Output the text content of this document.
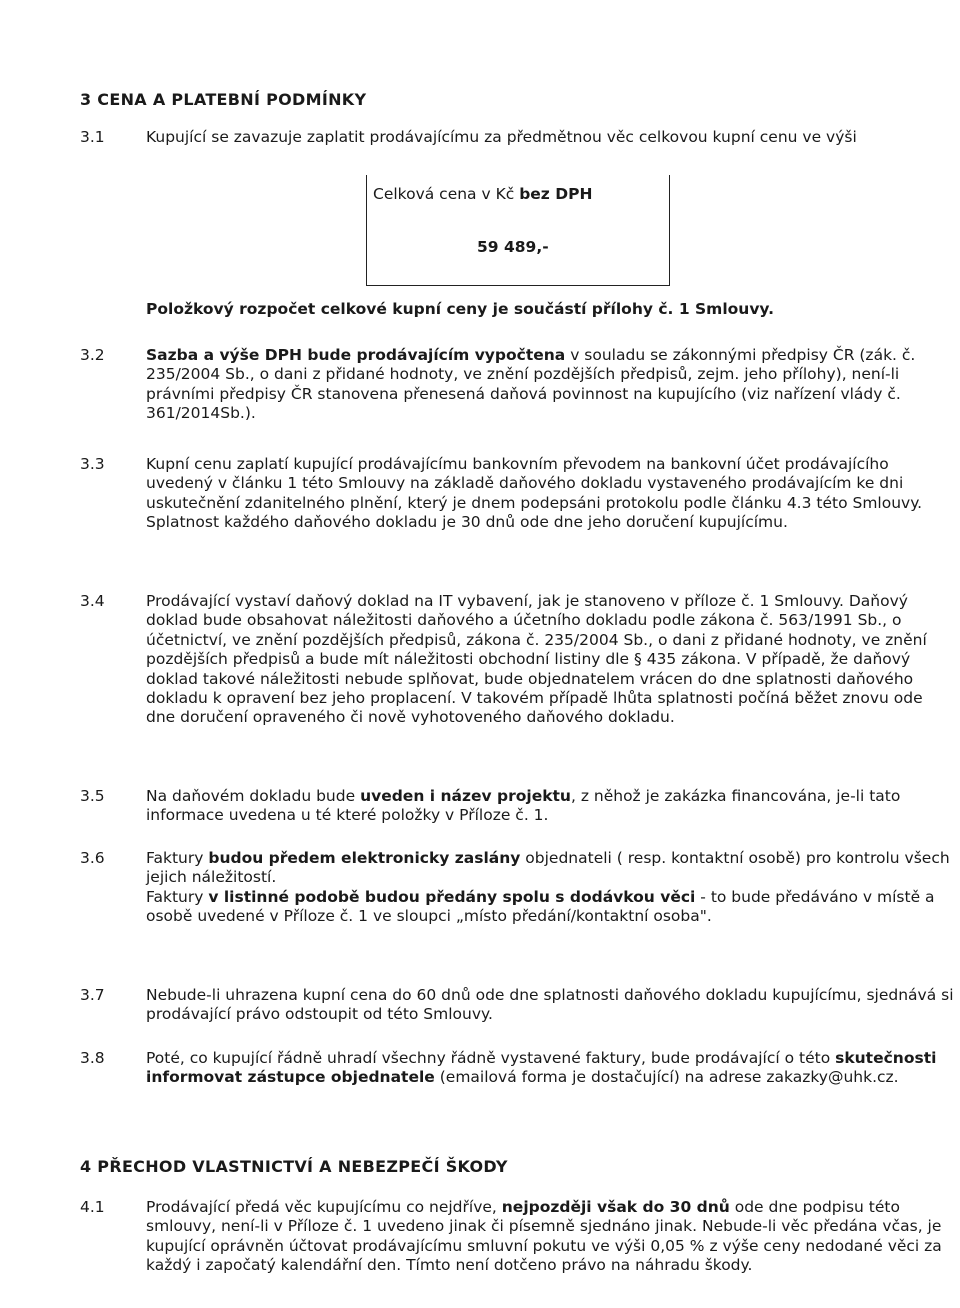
3 CENA A PLATEBNÍ PODMÍNKY
3.1	Kupující se zavazuje zaplatit prodávajícímu za předmětnou věc celkovou kupní cenu ve výši

Celková cena v Kč bez DPH
59 489,-
Položkový rozpočet celkové kupní ceny je součástí přílohy č. 1 Smlouvy.
3.2	Sazba a výše DPH bude prodávajícím vypočtena v souladu se zákonnými předpisy ČR (zák. č. 235/2004 Sb., o dani z přidané hodnoty, ve znění pozdějších předpisů, zejm. jeho přílohy), není-li právními předpisy ČR stanovena přenesená daňová povinnost na kupujícího (viz nařízení vlády č. 361/2014Sb.).

3.3	Kupní cenu zaplatí kupující prodávajícímu bankovním převodem na bankovní účet prodávajícího uvedený v článku 1 této Smlouvy na základě daňového dokladu vystaveného prodávajícím ke dni uskutečnění zdanitelného plnění, který je dnem podepsáni protokolu podle článku 4.3 této Smlouvy. Splatnost každého daňového dokladu je 30 dnů ode dne jeho doručení kupujícímu.

3.4	Prodávající vystaví daňový doklad na IT vybavení, jak je stanoveno v příloze č. 1 Smlouvy. Daňový doklad bude obsahovat náležitosti daňového a účetního dokladu podle zákona č. 563/1991 Sb., o účetnictví, ve znění pozdějších předpisů, zákona č. 235/2004 Sb., o dani z přidané hodnoty, ve znění pozdějších předpisů a bude mít náležitosti obchodní listiny dle § 435 zákona. V případě, že daňový doklad takové náležitosti nebude splňovat, bude objednatelem vrácen do dne splatnosti daňového dokladu k opravení bez jeho proplacení. V takovém případě lhůta splatnosti počíná běžet znovu ode dne doručení opraveného či nově vyhotoveného daňového dokladu.

3.5	Na daňovém dokladu bude uveden i název projektu, z něhož je zakázka financována, je-li tato informace uvedena u té které položky v Příloze č. 1.

3.6	Faktury budou předem elektronicky zaslány objednateli ( resp. kontaktní osobě) pro kontrolu všech jejich náležitostí.

Faktury v listinné podobě budou předány spolu s dodávkou věci - to bude předáváno v místě a osobě uvedené v Příloze č. 1 ve sloupci „místo předání/kontaktní osoba".

3.7	Nebude-li uhrazena kupní cena do 60 dnů ode dne splatnosti daňového dokladu kupujícímu, sjednává si prodávající právo odstoupit od této Smlouvy.

3.8	Poté, co kupující řádně uhradí všechny řádně vystavené faktury, bude prodávající o této skutečnosti informovat zástupce objednatele (emailová forma je dostačující) na adrese zakazky@uhk.cz.

4 PŘECHOD VLASTNICTVÍ A NEBEZPEČÍ ŠKODY
4.1	Prodávající předá věc kupujícímu co nejdříve, nejpozději však do 30 dnů ode dne podpisu této smlouvy, není-li v Příloze č. 1 uvedeno jinak či písemně sjednáno jinak. Nebude-li věc předána včas, je kupující oprávněn účtovat prodávajícímu smluvní pokutu ve výši 0,05 % z výše ceny nedodané věci za každý i započatý kalendářní den. Tímto není dotčeno právo na náhradu škody.
